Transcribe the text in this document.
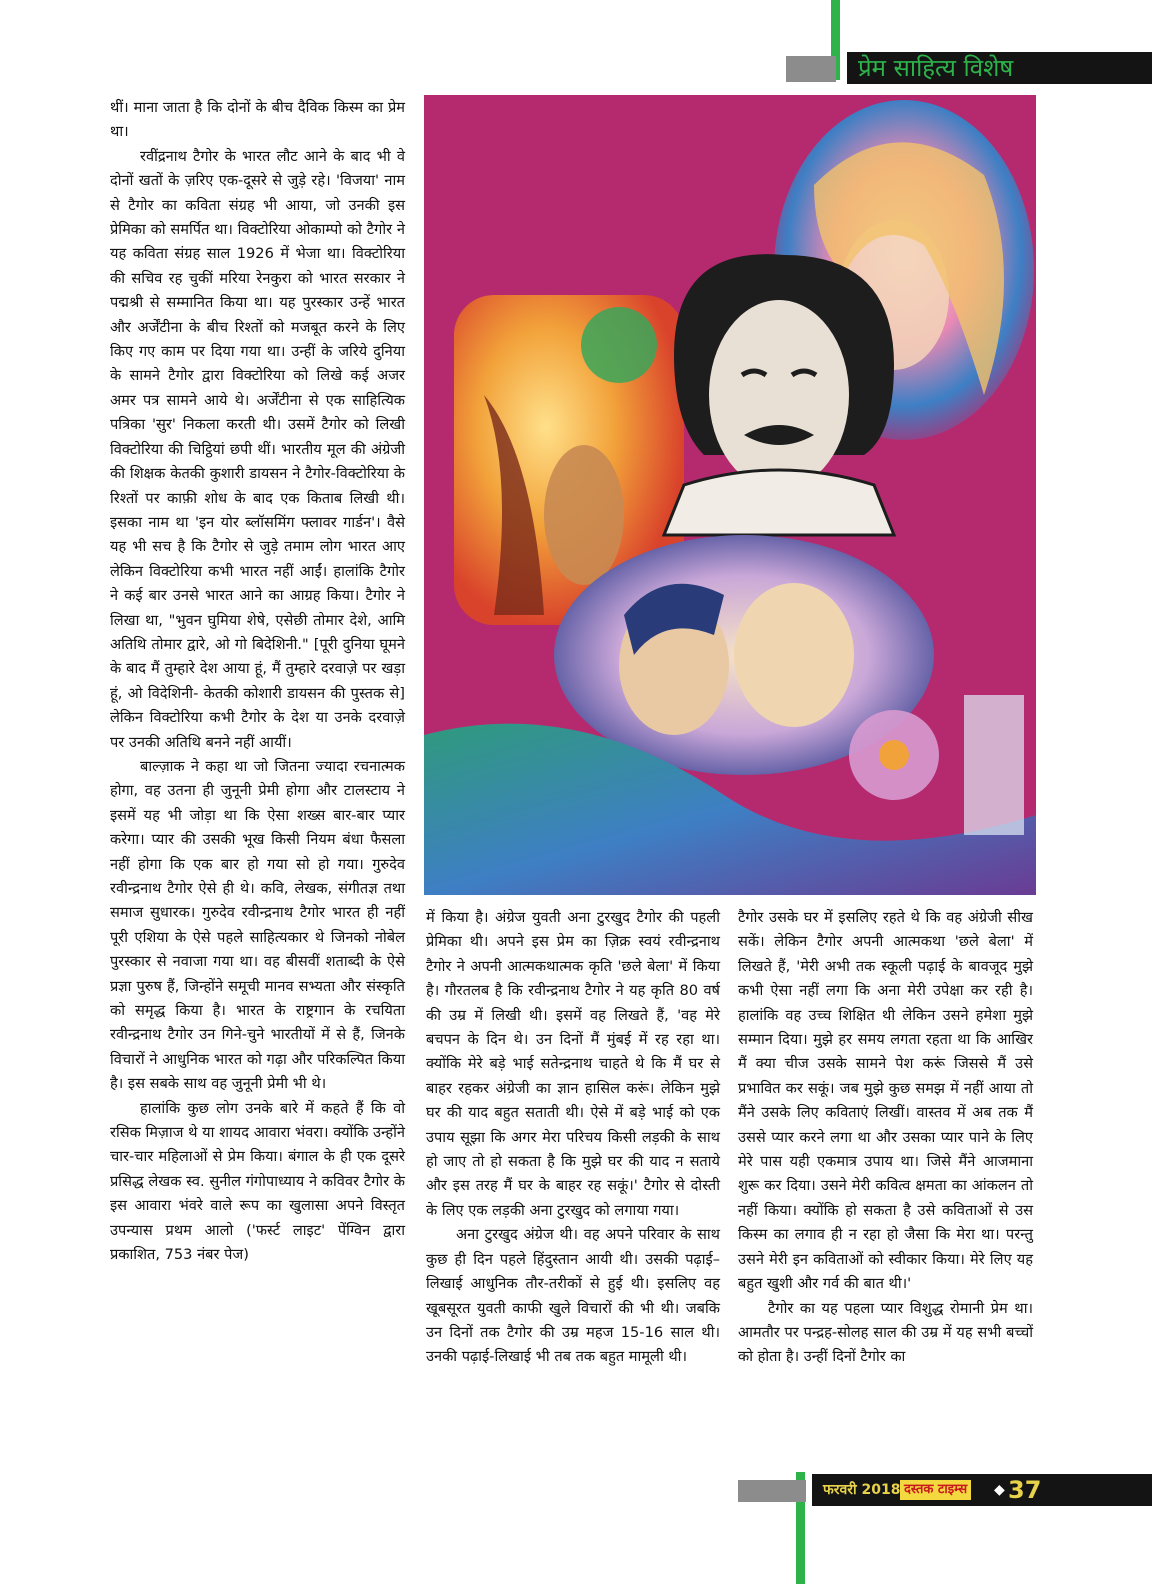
प्रेम साहित्य विशेष

थीं। माना जाता है कि दोनों के बीच दैविक किस्म का प्रेम था।

रवींद्रनाथ टैगोर के भारत लौट आने के बाद भी वे दोनों खतों के ज़रिए एक-दूसरे से जुड़े रहे। 'विजया' नाम से टैगोर का कविता संग्रह भी आया, जो उनकी इस प्रेमिका को समर्पित था। विक्टोरिया ओकाम्पो को टैगोर ने यह कविता संग्रह साल 1926 में भेजा था। विक्टोरिया की सचिव रह चुकीं मरिया रेनकुरा को भारत सरकार ने पद्मश्री से सम्मानित किया था। यह पुरस्कार उन्हें भारत और अर्जेंटीना के बीच रिश्तों को मजबूत करने के लिए किए गए काम पर दिया गया था। उन्हीं के जरिये दुनिया के सामने टैगोर द्वारा विक्टोरिया को लिखे कई अजर अमर पत्र सामने आये थे। अर्जेंटीना से एक साहित्यिक पत्रिका 'सुर' निकला करती थी। उसमें टैगोर को लिखी विक्टोरिया की चिट्ठियां छपी थीं। भारतीय मूल की अंग्रेजी की शिक्षक केतकी कुशारी डायसन ने टैगोर-विक्टोरिया के रिश्तों पर काफ़ी शोध के बाद एक किताब लिखी थी। इसका नाम था 'इन योर ब्लॉसमिंग फ्लावर गार्डन'। वैसे यह भी सच है कि टैगोर से जुड़े तमाम लोग भारत आए लेकिन विक्टोरिया कभी भारत नहीं आईं। हालांकि टैगोर ने कई बार उनसे भारत आने का आग्रह किया। टैगोर ने लिखा था, "भुवन घुमिया शेषे, एसेछी तोमार देशे, आमि अतिथि तोमार द्वारे, ओ गो बिदेशिनी." [पूरी दुनिया घूमने के बाद मैं तुम्हारे देश आया हूं, मैं तुम्हारे दरवाज़े पर खड़ा हूं, ओ विदेशिनी- केतकी कोशारी डायसन की पुस्तक से] लेकिन विक्टोरिया कभी टैगोर के देश या उनके दरवाज़े पर उनकी अतिथि बनने नहीं आयीं।

बाल्ज़ाक ने कहा था जो जितना ज्यादा रचनात्मक होगा, वह उतना ही जुनूनी प्रेमी होगा और टालस्टाय ने इसमें यह भी जोड़ा था कि ऐसा शख्स बार-बार प्यार करेगा। प्यार की उसकी भूख किसी नियम बंधा फैसला नहीं होगा कि एक बार हो गया सो हो गया। गुरुदेव रवीन्द्रनाथ टैगोर ऐसे ही थे। कवि, लेखक, संगीतज्ञ तथा समाज सुधारक। गुरुदेव रवीन्द्रनाथ टैगोर भारत ही नहीं पूरी एशिया के ऐसे पहले साहित्यकार थे जिनको नोबेल पुरस्कार से नवाजा गया था। वह बीसवीं शताब्दी के ऐसे प्रज्ञा पुरुष हैं, जिन्होंने समूची मानव सभ्यता और संस्कृति को समृद्ध किया है। भारत के राष्ट्रगान के रचयिता रवीन्द्रनाथ टैगोर उन गिने-चुने भारतीयों में से हैं, जिनके विचारों ने आधुनिक भारत को गढ़ा और परिकल्पित किया है। इस सबके साथ वह जुनूनी प्रेमी भी थे।

हालांकि कुछ लोग उनके बारे में कहते हैं कि वो रसिक मिज़ाज थे या शायद आवारा भंवरा। क्योंकि उन्होंने चार-चार महिलाओं से प्रेम किया। बंगाल के ही एक दूसरे प्रसिद्ध लेखक स्व. सुनील गंगोपाध्याय ने कविवर टैगोर के इस आवारा भंवरे वाले रूप का खुलासा अपने विस्तृत उपन्यास प्रथम आलो ('फर्स्ट लाइट' पेंग्विन द्वारा प्रकाशित, 753 नंबर पेज)

में किया है। अंग्रेज युवती अना टुरखुद टैगोर की पहली प्रेमिका थी। अपने इस प्रेम का ज़िक्र स्वयं रवीन्द्रनाथ टैगोर ने अपनी आत्मकथात्मक कृति 'छले बेला' में किया है। गौरतलब है कि रवीन्द्रनाथ टैगोर ने यह कृति 80 वर्ष की उम्र में लिखी थी। इसमें वह लिखते हैं, 'वह मेरे बचपन के दिन थे। उन दिनों मैं मुंबई में रह रहा था। क्योंकि मेरे बड़े भाई सतेन्द्रनाथ चाहते थे कि मैं घर से बाहर रहकर अंग्रेजी का ज्ञान हासिल करूं। लेकिन मुझे घर की याद बहुत सताती थी। ऐसे में बड़े भाई को एक उपाय सूझा कि अगर मेरा परिचय किसी लड़की के साथ हो जाए तो हो सकता है कि मुझे घर की याद न सताये और इस तरह मैं घर के बाहर रह सकूं।' टैगोर से दोस्ती के लिए एक लड़की अना टुरखुद को लगाया गया।

अना टुरखुद अंग्रेज थी। वह अपने परिवार के साथ कुछ ही दिन पहले हिंदुस्तान आयी थी। उसकी पढ़ाई–लिखाई आधुनिक तौर-तरीकों से हुई थी। इसलिए वह खूबसूरत युवती काफी खुले विचारों की भी थी। जबकि उन दिनों तक टैगोर की उम्र महज 15-16 साल थी। उनकी पढ़ाई-लिखाई भी तब तक बहुत मामूली थी।

टैगोर उसके घर में इसलिए रहते थे कि वह अंग्रेजी सीख सकें। लेकिन टैगोर अपनी आत्मकथा 'छले बेला' में लिखते हैं, 'मेरी अभी तक स्कूली पढ़ाई के बावजूद मुझे कभी ऐसा नहीं लगा कि अना मेरी उपेक्षा कर रही है। हालांकि वह उच्च शिक्षित थी लेकिन उसने हमेशा मुझे सम्मान दिया। मुझे हर समय लगता रहता था कि आखिर मैं क्या चीज उसके सामने पेश करूं जिससे मैं उसे प्रभावित कर सकूं। जब मुझे कुछ समझ में नहीं आया तो मैंने उसके लिए कविताएं लिखीं। वास्तव में अब तक मैं उससे प्यार करने लगा था और उसका प्यार पाने के लिए मेरे पास यही एकमात्र उपाय था। जिसे मैंने आजमाना शुरू कर दिया। उसने मेरी कवित्व क्षमता का आंकलन तो नहीं किया। क्योंकि हो सकता है उसे कविताओं से उस किस्म का लगाव ही न रहा हो जैसा कि मेरा था। परन्तु उसने मेरी इन कविताओं को स्वीकार किया। मेरे लिए यह बहुत खुशी और गर्व की बात थी।'

टैगोर का यह पहला प्यार विशुद्ध रोमानी प्रेम था। आमतौर पर पन्द्रह-सोलह साल की उम्र में यह सभी बच्चों को होता है। उन्हीं दिनों टैगोर का

फरवरी 2018 दस्तक टाइम्स ◆ 37
